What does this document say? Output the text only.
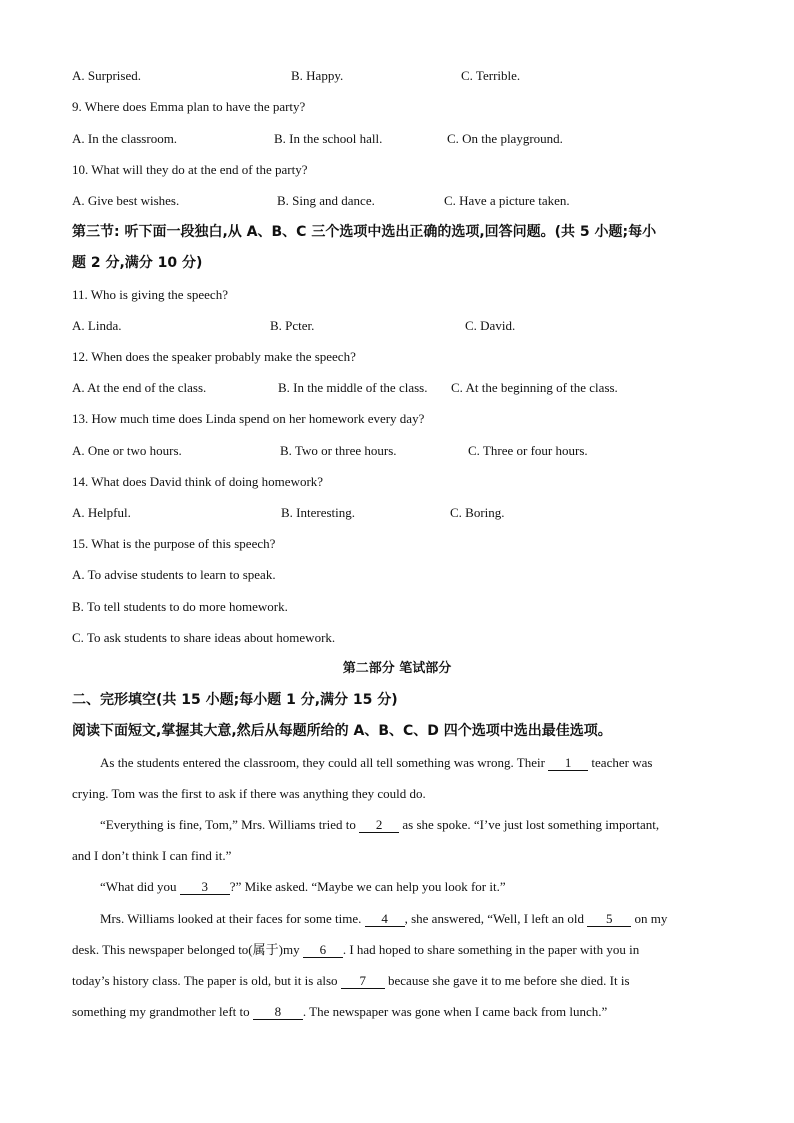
A. Surprised.	B. Happy.	C. Terrible.
9. Where does Emma plan to have the party?
A. In the classroom.	B. In the school hall.	C. On the playground.
10. What will they do at the end of the party?
A. Give best wishes.	B. Sing and dance.	C. Have a picture taken.
第三节: 听下面一段独白,从 A、B、C 三个选项中选出正确的选项,回答问题。(共 5 小题;每小
题 2 分,满分 10 分)
11. Who is giving the speech?
A. Linda.	B. Pcter.	C. David.
12. When does the speaker probably make the speech?
A. At the end of the class.	B. In the middle of the class. C. At the beginning of the class.
13. How much time does Linda spend on her homework every day?
A. One or two hours.	B. Two or three hours.	C. Three or four hours.
14. What does David think of doing homework?
A. Helpful.	B. Interesting.	C. Boring.
15. What is the purpose of this speech?
A. To advise students to learn to speak.
B. To tell students to do more homework.
C. To ask students to share ideas about homework.
第二部分 笔试部分
二、完形填空(共 15 小题;每小题 1 分,满分 15 分)
阅读下面短文,掌握其大意,然后从每题所给的 A、B、C、D 四个选项中选出最佳选项。
As the students entered the classroom, they could all tell something was wrong. Their 1 teacher was
crying. Tom was the first to ask if there was anything they could do.
“Everything is fine, Tom,” Mrs. Williams tried to 2 as she spoke. “I’ve just lost something important,
and I don’t think I can find it.”
“What did you 3 ?” Mike asked. “Maybe we can help you look for it.”
Mrs. Williams looked at their faces for some time. 4 , she answered, “Well, I left an old 5 on my
desk. This newspaper belonged to(属于)my 6 . I had hoped to share something in the paper with you in
today’s history class. The paper is old, but it is also 7 because she gave it to me before she died. It is
something my grandmother left to 8 . The newspaper was gone when I came back from lunch.”
